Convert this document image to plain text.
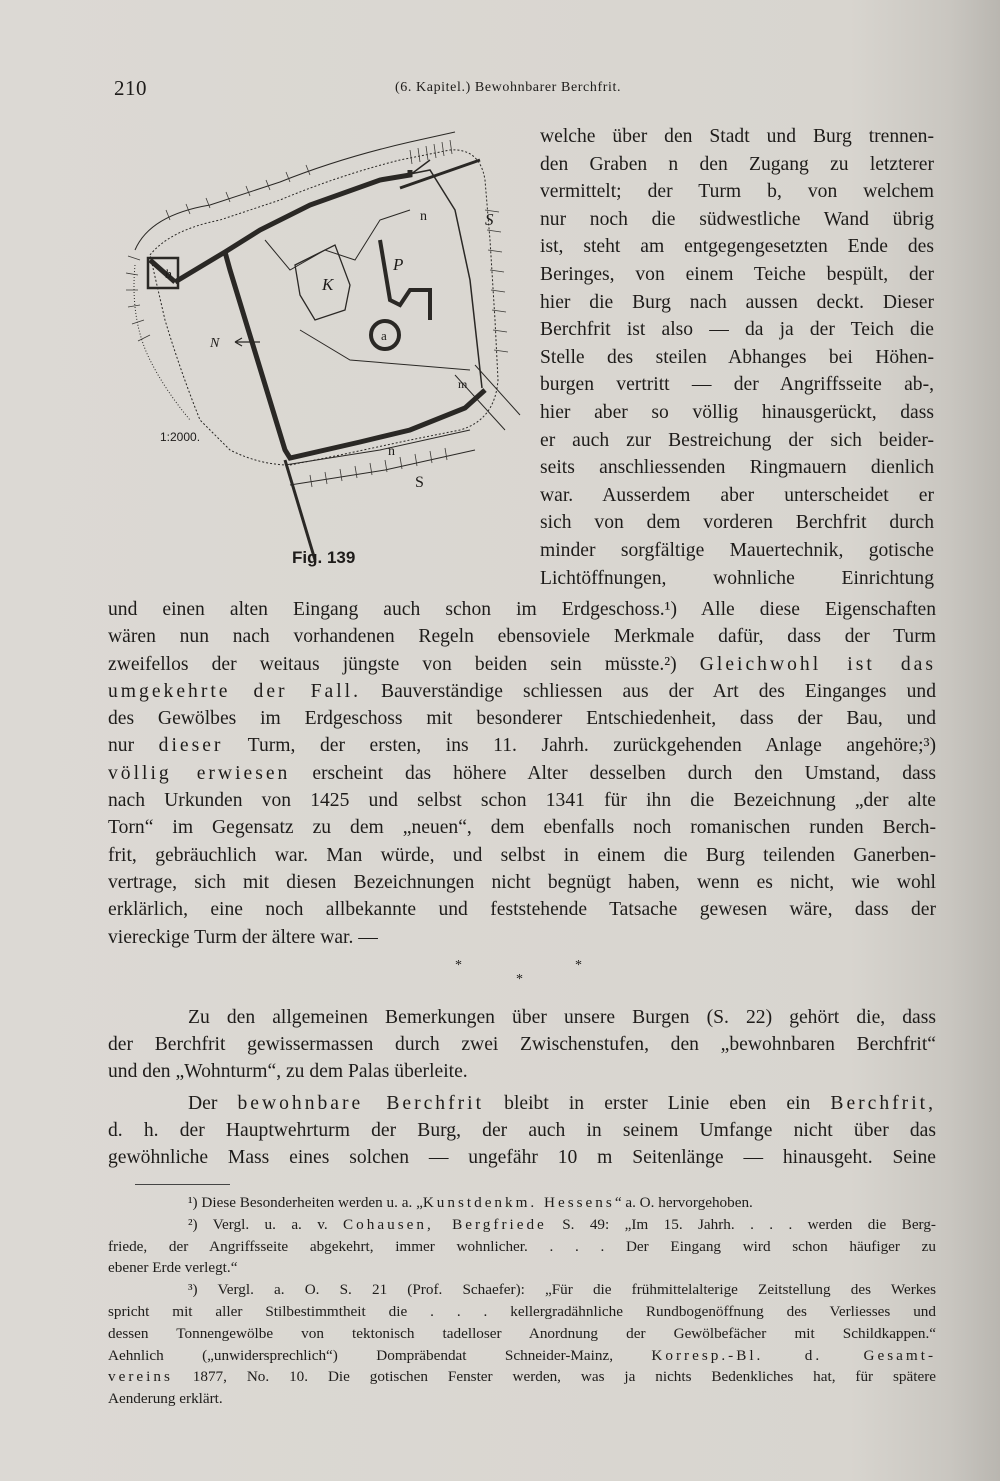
210	(6. Kapitel.) Bewohnbarer Berchfrit.
b
K
P
a
n
n
S
S
m
N
1:2000.
Fig. 139
welche über den Stadt und Burg trennen-
den Graben n den Zugang zu letzterer
vermittelt; der Turm b, von welchem
nur noch die südwestliche Wand übrig
ist, steht am entgegengesetzten Ende des
Beringes, von einem Teiche bespült, der
hier die Burg nach aussen deckt. Dieser
Berchfrit ist also — da ja der Teich die
Stelle des steilen Abhanges bei Höhen-
burgen vertritt — der Angriffsseite ab-,
hier aber so völlig hinausgerückt, dass
er auch zur Bestreichung der sich beider-
seits anschliessenden Ringmauern dienlich
war. Ausserdem aber unterscheidet er
sich von dem vorderen Berchfrit durch
minder sorgfältige Mauertechnik, gotische
Lichtöffnungen, wohnliche Einrichtung
und einen alten Eingang auch schon im Erdgeschoss.¹) Alle diese Eigenschaften
wären nun nach vorhandenen Regeln ebensoviele Merkmale dafür, dass der Turm
zweifellos der weitaus jüngste von beiden sein müsste.²) Gleichwohl ist das
umgekehrte der Fall. Bauverständige schliessen aus der Art des Einganges und
des Gewölbes im Erdgeschoss mit besonderer Entschiedenheit, dass der Bau, und
nur dieser Turm, der ersten, ins 11. Jahrh. zurückgehenden Anlage angehöre;³)
völlig erwiesen erscheint das höhere Alter desselben durch den Umstand, dass
nach Urkunden von 1425 und selbst schon 1341 für ihn die Bezeichnung „der alte
Torn“ im Gegensatz zu dem „neuen“, dem ebenfalls noch romanischen runden Berch-
frit, gebräuchlich war. Man würde, und selbst in einem die Burg teilenden Ganerben-
vertrage, sich mit diesen Bezeichnungen nicht begnügt haben, wenn es nicht, wie wohl
erklärlich, eine noch allbekannte und feststehende Tatsache gewesen wäre, dass der
viereckige Turm der ältere war. —
*	*
*
Zu den allgemeinen Bemerkungen über unsere Burgen (S. 22) gehört die, dass
der Berchfrit gewissermassen durch zwei Zwischenstufen, den „bewohnbaren Berchfrit“
und den „Wohnturm“, zu dem Palas überleite.
Der bewohnbare Berchfrit bleibt in erster Linie eben ein Berchfrit,
d. h. der Hauptwehrturm der Burg, der auch in seinem Umfange nicht über das
gewöhnliche Mass eines solchen — ungefähr 10 m Seitenlänge — hinausgeht. Seine
¹) Diese Besonderheiten werden u. a. „Kunstdenkm. Hessens“ a. O. hervorgehoben.
²) Vergl. u. a. v. Cohausen, Bergfriede S. 49: „Im 15. Jahrh. . . . werden die Berg-
friede, der Angriffsseite abgekehrt, immer wohnlicher. . . . Der Eingang wird schon häufiger zu
ebener Erde verlegt.“
³) Vergl. a. O. S. 21 (Prof. Schaefer): „Für die frühmittelalterige Zeitstellung des Werkes
spricht mit aller Stilbestimmtheit die . . . kellergradähnliche Rundbogenöffnung des Verliesses und
dessen Tonnengewölbe von tektonisch tadelloser Anordnung der Gewölbefächer mit Schildkappen.“
Aehnlich („unwidersprechlich“) Dompräbendat Schneider-Mainz, Korresp.-Bl. d. Gesamt-
vereins 1877, No. 10. Die gotischen Fenster werden, was ja nichts Bedenkliches hat, für spätere
Aenderung erklärt.
